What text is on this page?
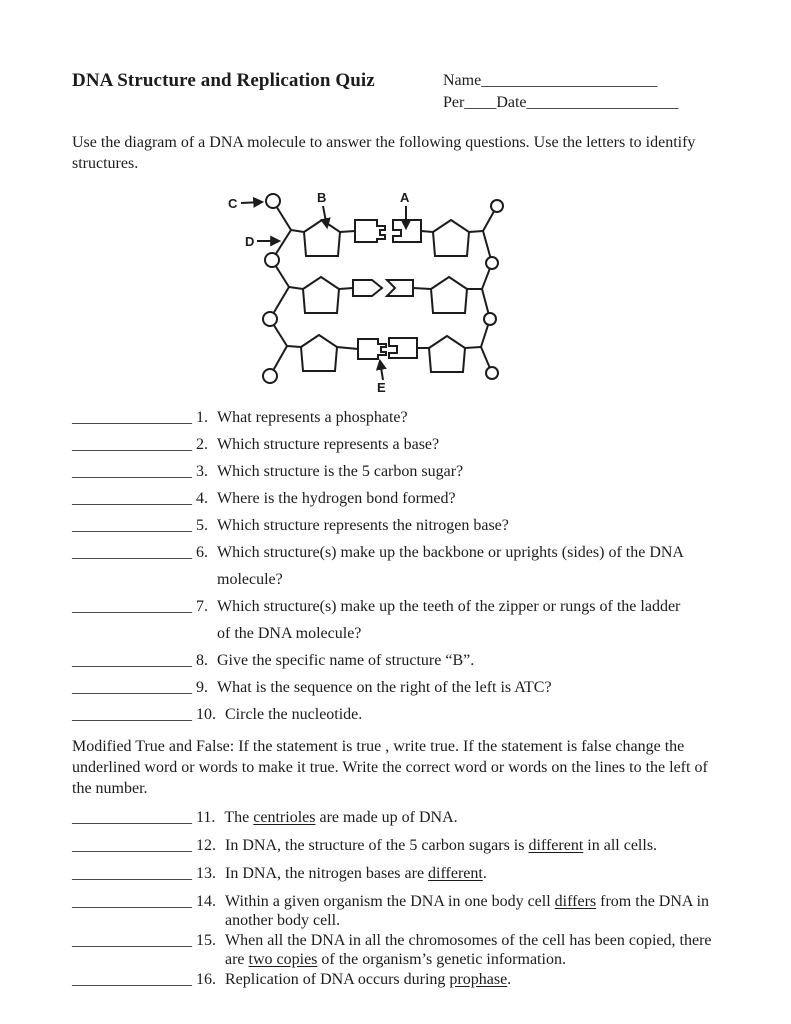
DNA Structure and Replication Quiz	Name______________________
Per____Date___________________

Use the diagram of a DNA molecule to answer the following questions. Use the letters to identify structures.

C
D
B	A
E
_______________ 1. What represents a phosphate?
_______________ 2. Which structure represents a base?
_______________ 3. Which structure is the 5 carbon sugar?
_______________ 4. Where is the hydrogen bond formed?
_______________ 5. Which structure represents the nitrogen base?
_______________ 6. Which structure(s) make up the backbone or uprights (sides) of the DNA
molecule?
_______________ 7. Which structure(s) make up the teeth of the zipper or rungs of the ladder
of the DNA molecule?
_______________ 8. Give the specific name of structure “B”.
_______________ 9. What is the sequence on the right of the left is ATC?
_______________ 10. Circle the nucleotide.

Modified True and False: If the statement is true , write true. If the statement is false change the underlined word or words to make it true. Write the correct word or words on the lines to the left of the number.

_______________ 11. The centrioles are made up of DNA.
_______________ 12. In DNA, the structure of the 5 carbon sugars is different in all cells.
_______________ 13. In DNA, the nitrogen bases are different.
_______________ 14. Within a given organism the DNA in one body cell differs from the DNA in
another body cell.
_______________ 15. When all the DNA in all the chromosomes of the cell has been copied, there
are two copies of the organism’s genetic information.
_______________ 16. Replication of DNA occurs during prophase.
